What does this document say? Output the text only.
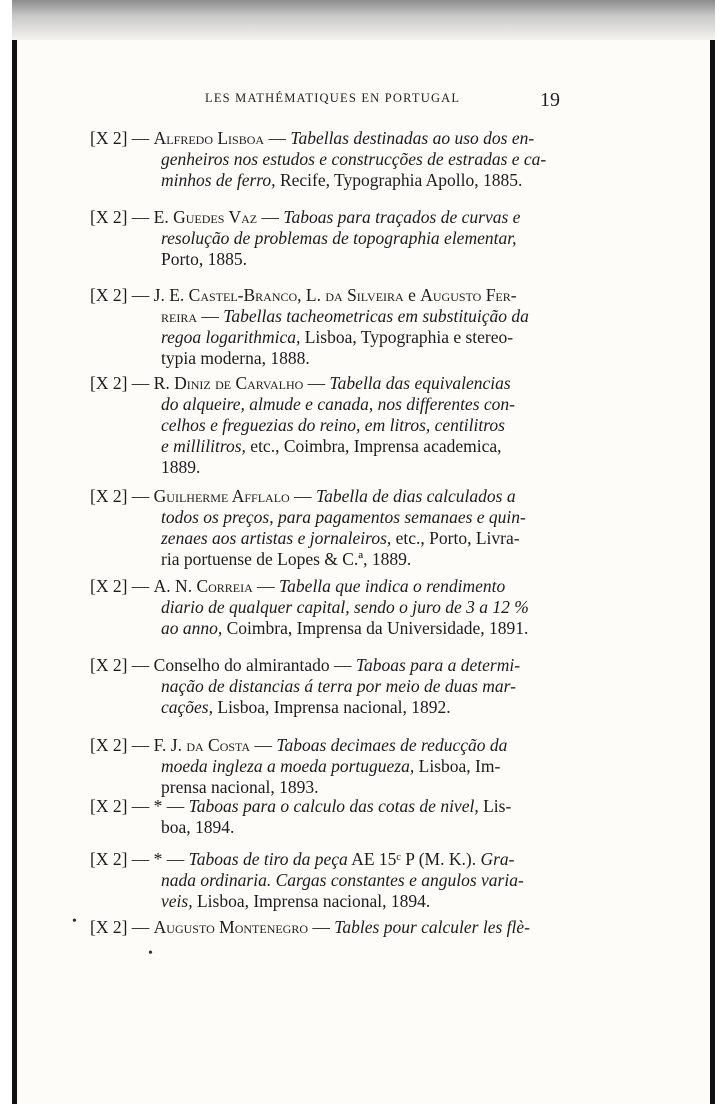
LES MATHÉMATIQUES EN PORTUGAL	19
[X 2] — Alfredo Lisboa — Tabellas destinadas ao uso dos en-
genheiros nos estudos e construcções de estradas e ca-
minhos de ferro, Recife, Typographia Apollo, 1885.
[X 2] — E. Guedes Vaz — Taboas para traçados de curvas e
resolução de problemas de topographia elementar,
Porto, 1885.
[X 2] — J. E. Castel-Branco, L. da Silveira e Augusto Fer-
reira — Tabellas tacheometricas em substituição da
regoa logarithmica, Lisboa, Typographia e stereo-
typia moderna, 1888.
[X 2] — R. Diniz de Carvalho — Tabella das equivalencias
do alqueire, almude e canada, nos differentes con-
celhos e freguezias do reino, em litros, centilitros
e millilitros, etc., Coimbra, Imprensa academica,
1889.
[X 2] — Guilherme Afflalo — Tabella de dias calculados a
todos os preços, para pagamentos semanaes e quin-
zenaes aos artistas e jornaleiros, etc., Porto, Livra-
ria portuense de Lopes & C.ª, 1889.
[X 2] — A. N. Correia — Tabella que indica o rendimento
diario de qualquer capital, sendo o juro de 3 a 12 %
ao anno, Coimbra, Imprensa da Universidade, 1891.
[X 2] — Conselho do almirantado — Taboas para a determi-
nação de distancias á terra por meio de duas mar-
cações, Lisboa, Imprensa nacional, 1892.
[X 2] — F. J. da Costa — Taboas decimaes de reducção da
moeda ingleza a moeda portugueza, Lisboa, Im-
prensa nacional, 1893.
[X 2] — * — Taboas para o calculo das cotas de nivel, Lis-
boa, 1894.
[X 2] — * — Taboas de tiro da peça AE 15ᶜ P (M. K.). Gra-
nada ordinaria. Cargas constantes e angulos varia-
veis, Lisboa, Imprensa nacional, 1894.
[X 2] — Augusto Montenegro — Tables pour calculer les flè-
•
•
